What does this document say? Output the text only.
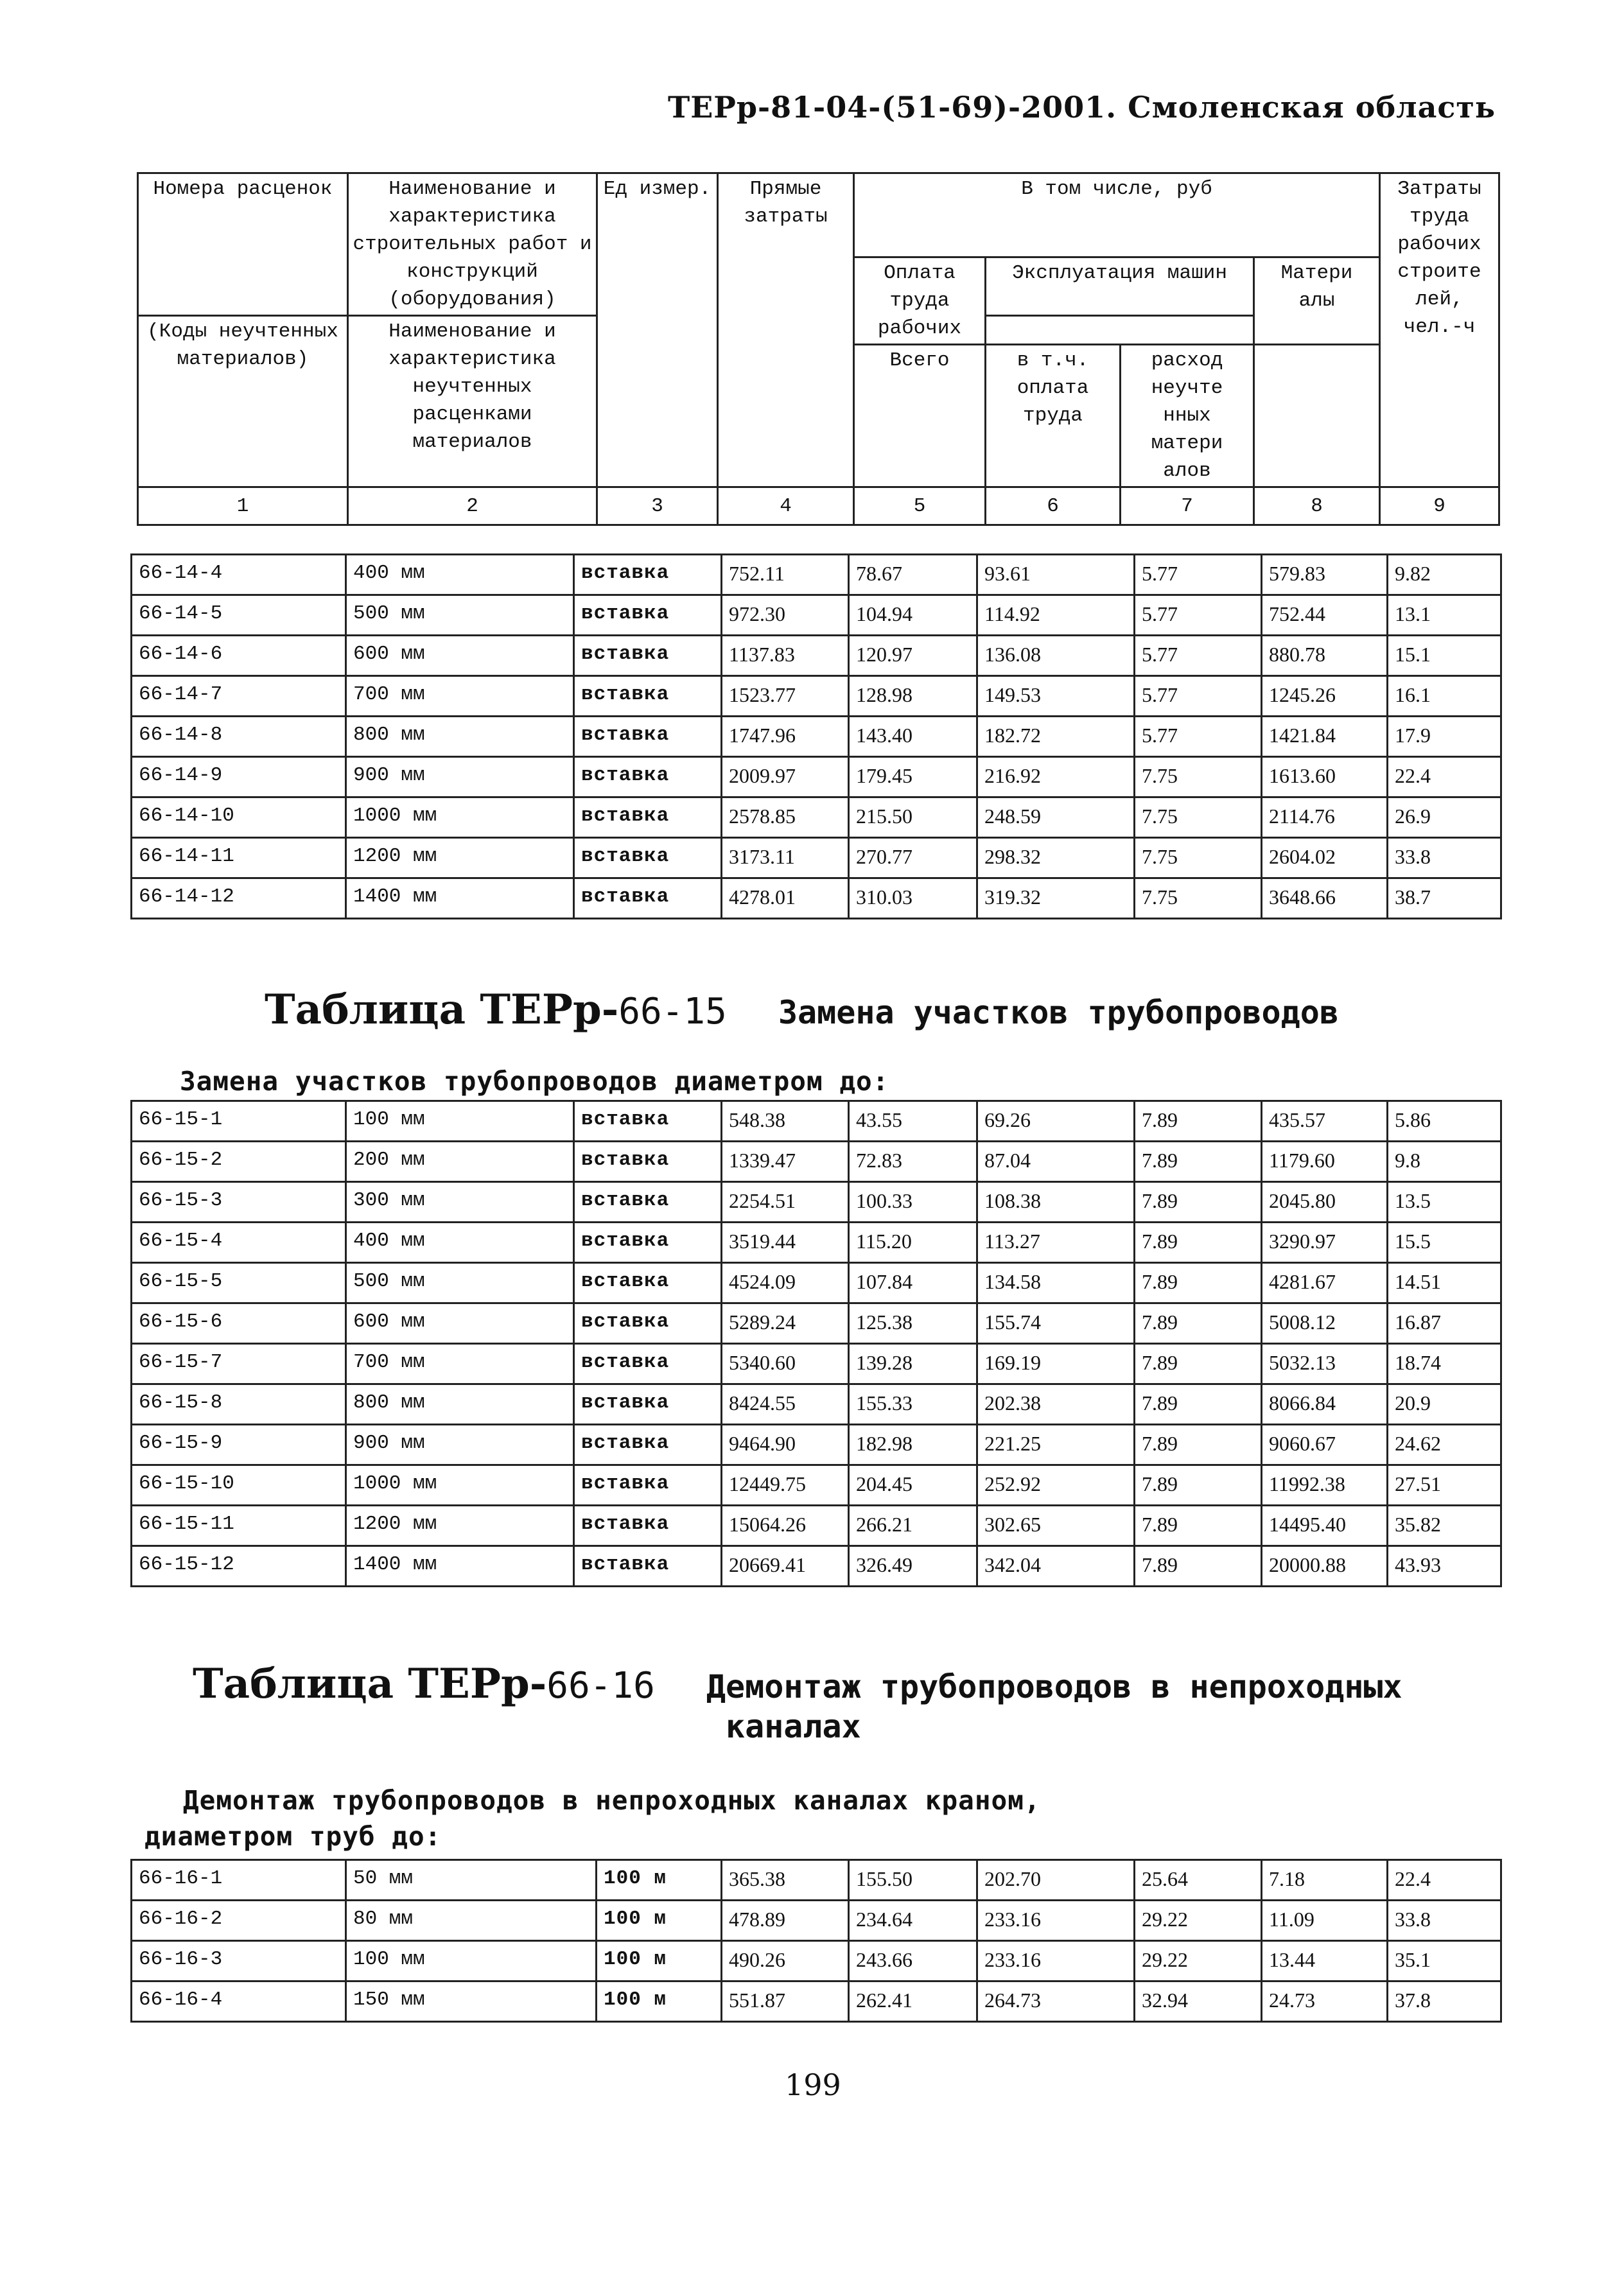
ТЕРр-81-04-(51-69)-2001. Смоленская область
Номера расценок	Наименование и характеристика строительных работ и конструкций (оборудования)	Ед измер.	Прямые затраты	В том числе, руб				Затраты труда рабочих строите лей, чел.-ч
				Оплата труда рабочих	Эксплуатация машин		Матери алы	
(Коды неучтенных материалов)	Наименование и характеристика неучтенных расценками материалов							
				Всего	в т.ч. оплата труда	расход неучте нных матери алов		
1	2	3	4	5	6	7	8	9
66-14-4	400 мм	вставка	752.11	78.67	93.61	5.77	579.83	9.82
66-14-5	500 мм	вставка	972.30	104.94	114.92	5.77	752.44	13.1
66-14-6	600 мм	вставка	1137.83	120.97	136.08	5.77	880.78	15.1
66-14-7	700 мм	вставка	1523.77	128.98	149.53	5.77	1245.26	16.1
66-14-8	800 мм	вставка	1747.96	143.40	182.72	5.77	1421.84	17.9
66-14-9	900 мм	вставка	2009.97	179.45	216.92	7.75	1613.60	22.4
66-14-10	1000 мм	вставка	2578.85	215.50	248.59	7.75	2114.76	26.9
66-14-11	1200 мм	вставка	3173.11	270.77	298.32	7.75	2604.02	33.8
66-14-12	1400 мм	вставка	4278.01	310.03	319.32	7.75	3648.66	38.7
Таблица ТЕРр-66-15 Замена участков трубопроводов
Замена участков трубопроводов диаметром до:
66-15-1	100 мм	вставка	548.38	43.55	69.26	7.89	435.57	5.86
66-15-2	200 мм	вставка	1339.47	72.83	87.04	7.89	1179.60	9.8
66-15-3	300 мм	вставка	2254.51	100.33	108.38	7.89	2045.80	13.5
66-15-4	400 мм	вставка	3519.44	115.20	113.27	7.89	3290.97	15.5
66-15-5	500 мм	вставка	4524.09	107.84	134.58	7.89	4281.67	14.51
66-15-6	600 мм	вставка	5289.24	125.38	155.74	7.89	5008.12	16.87
66-15-7	700 мм	вставка	5340.60	139.28	169.19	7.89	5032.13	18.74
66-15-8	800 мм	вставка	8424.55	155.33	202.38	7.89	8066.84	20.9
66-15-9	900 мм	вставка	9464.90	182.98	221.25	7.89	9060.67	24.62
66-15-10	1000 мм	вставка	12449.75	204.45	252.92	7.89	11992.38	27.51
66-15-11	1200 мм	вставка	15064.26	266.21	302.65	7.89	14495.40	35.82
66-15-12	1400 мм	вставка	20669.41	326.49	342.04	7.89	20000.88	43.93
Таблица ТЕРр-66-16 Демонтаж трубопроводов в непроходных
каналах
Демонтаж трубопроводов в непроходных каналах краном,
диаметром труб до:
66-16-1	50 мм	100 м	365.38	155.50	202.70	25.64	7.18	22.4
66-16-2	80 мм	100 м	478.89	234.64	233.16	29.22	11.09	33.8
66-16-3	100 мм	100 м	490.26	243.66	233.16	29.22	13.44	35.1
66-16-4	150 мм	100 м	551.87	262.41	264.73	32.94	24.73	37.8
199
